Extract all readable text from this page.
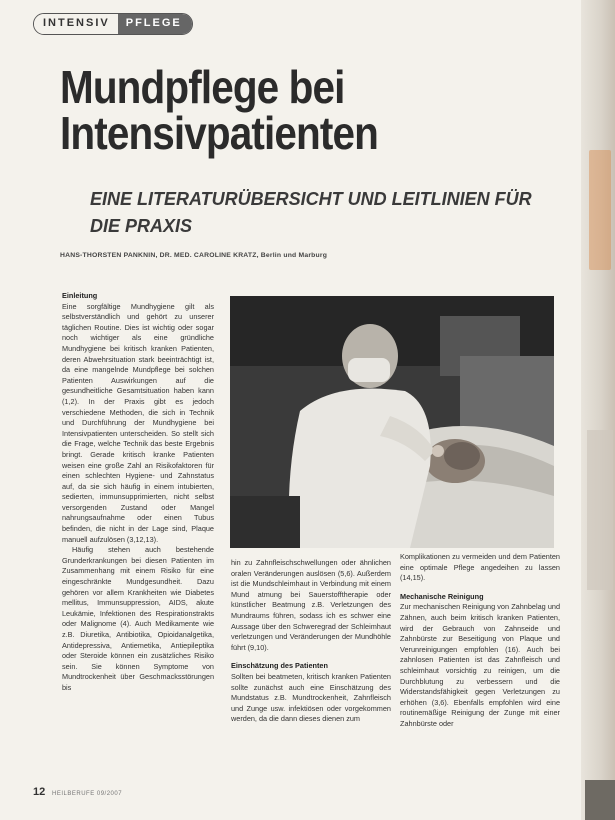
INTENSIV	PFLEGE
Mundpflege bei
Intensivpatienten
EINE LITERATURÜBERSICHT UND LEITLINIEN FÜR DIE PRAXIS
HANS-THORSTEN PANKNIN, DR. MED. CAROLINE KRATZ, Berlin und Marburg

Einleitung

Eine sorgfältige Mundhygiene gilt als selbstverständlich und gehört zu unserer täglichen Routine. Dies ist wichtig oder sogar noch wichtiger als eine gründliche Mundhygiene bei kritisch kranken Patienten, deren Abwehrsituation stark beeinträchtigt ist, da eine mangelnde Mundpflege bei solchen Patienten Auswirkungen auf die gesundheitliche Gesamtsituation haben kann (1,2). In der Praxis gibt es jedoch verschiedene Methoden, die sich in Technik und Durchführung der Mundhygiene bei Intensivpatienten unterscheiden. So stellt sich die Frage, welche Technik das beste Ergebnis bringt. Gerade kritisch kranke Patienten weisen eine große Zahl an Risikofaktoren für einen schlechten Hygiene- und Zahnstatus auf, da sie sich häufig in einem intubierten, sedierten, immunsupprimierten, nicht selbst versorgenden Zustand oder Mangel nahrungsaufnahme oder einen Tubus befinden, die nicht in der Lage sind, Plaque manuell aufzulösen (3,12,13).

Häufig stehen auch bestehende Grunderkrankungen bei diesen Patienten im Zusammenhang mit einem Risiko für eine eingeschränkte Mundgesundheit. Dazu gehören vor allem Krankheiten wie Diabetes mellitus, Immunsuppression, AIDS, akute Leukämie, Infektionen des Respirationstrakts oder Malignome (4). Auch Medikamente wie z.B. Diuretika, Antibiotika, Opioidanalgetika, Antidepressiva, Antiemetika, Antiepileptika oder Steroide können ein zusätzliches Risiko sein. Sie können Symptome von Mundtrockenheit über Geschmacksstörungen bis

hin zu Zahnfleischschwellungen oder ähnlichen oralen Veränderungen auslösen (5,6). Außerdem ist die Mundschleimhaut in Verbindung mit einem Mund atmung bei Sauerstofftherapie oder künstlicher Beatmung z.B. Verletzungen des Mundraums führen, sodass ich es schwer eine Aussage über den Schweregrad der Schleimhaut verletzungen und Veränderungen der Mundhöhle führt (9,10).

Einschätzung des Patienten

Sollten bei beatmeten, kritisch kranken Patienten sollte zunächst auch eine Einschätzung des Mundstatus z.B. Mundtrockenheit, Zahnfleisch und Zunge usw. infektiösen oder vorgekommen werden, da die dann dieses dienen zum

Komplikationen zu vermeiden und dem Patienten eine optimale Pflege angedeihen zu lassen (14,15).

Mechanische Reinigung

Zur mechanischen Reinigung von Zahnbelag und Zähnen, auch beim kritisch kranken Patienten, wird der Gebrauch von Zahnseide und Zahnbürste zur Beseitigung von Plaque und Verunreinigungen empfohlen (16). Auch bei zahnlosen Patienten ist das Zahnfleisch und schleimhaut vorsichtig zu reinigen, um die Durchblutung zu verbessern und die Widerstandsfähigkeit gegen Verletzungen zu erhöhen (3,6). Ebenfalls empfohlen wird eine routinemäßige Reinigung der Zunge mit einer Zahnbürste oder

12 HEILBERUFE 09/2007
